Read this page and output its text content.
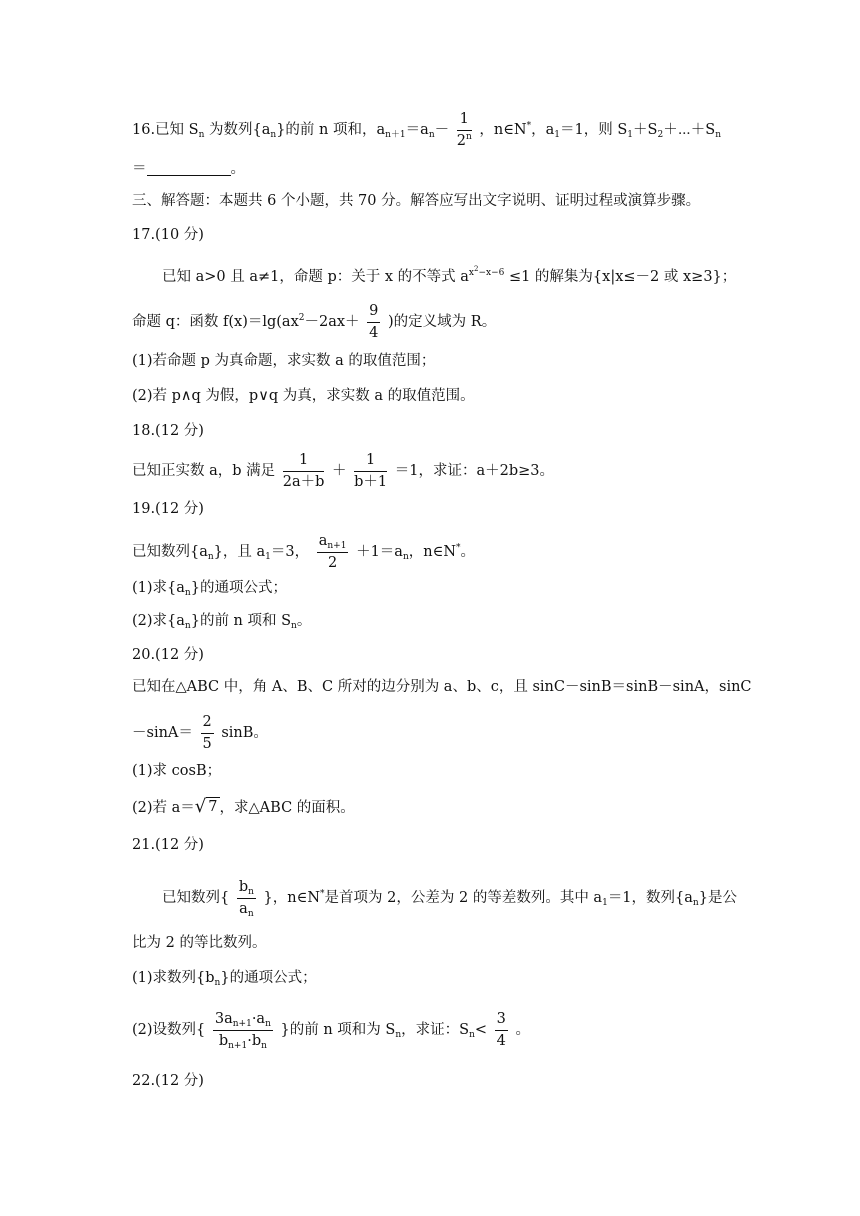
16.已知 $S_n$ 为数列$\{a_n\}$的前 n 项和，$a_{n+1}=a_n- \frac{1}{2^n}$ ，n∈N*，$a_1=1$，则 $S_1+S_2+\cdots+S_n$
＝	。
三、解答题：本题共 6 个小题，共 70 分。解答应写出文字说明、证明过程或演算步骤。
17.(10 分)
已知 a>0 且 a≠1，命题 p：关于 x 的不等式 $a^{x^2-x-6} \le 1$ 的解集为{x|x≤－2 或 x≥3}；
命题 q：函数 $f(x)=\lg(ax^2-2ax+ \frac{9}{4}$ )的定义域为 R。
(1)若命题 p 为真命题，求实数 a 的取值范围；
(2)若 p∧q 为假，p∨q 为真，求实数 a 的取值范围。
18.(12 分)
已知正实数 a，b 满足 $\frac{1}{2a+b} + \frac{1}{b+1} =1$，求证：a＋2b≥3。
19.(12 分)
已知数列$\{a_n\}$，且 $a_1=3$， $\frac{a_{n+1}}{2} +1=a_n$，n∈N*。
(1)求$\{a_n\}$的通项公式；
(2)求$\{a_n\}$的前 n 项和 $S_n$。
20.(12 分)
已知在△ABC 中，角 A、B、C 所对的边分别为 a、b、c，且 sinC－sinB＝sinB－sinA，sinC
$-\sin A= \frac{2}{5}$ sinB。
(1)求 cosB；
(2)若 a＝ √ 7 ，求△ABC 的面积。
21.(12 分)
已知数列{ $\frac{b_n}{a_n}$ }，n∈N*是首项为 2，公差为 2 的等差数列。其中 $a_1=1$，数列$\{a_n\}$是公
比为 2 的等比数列。
(1)求数列$\{b_n\}$的通项公式；
(2)设数列{ $\frac{3a_{n+1}\cdot a_n}{b_{n+1}\cdot b_n}$ }的前 n 项和为 $S_n$，求证：$S_n< \frac{3}{4}$ 。
22.(12 分)
